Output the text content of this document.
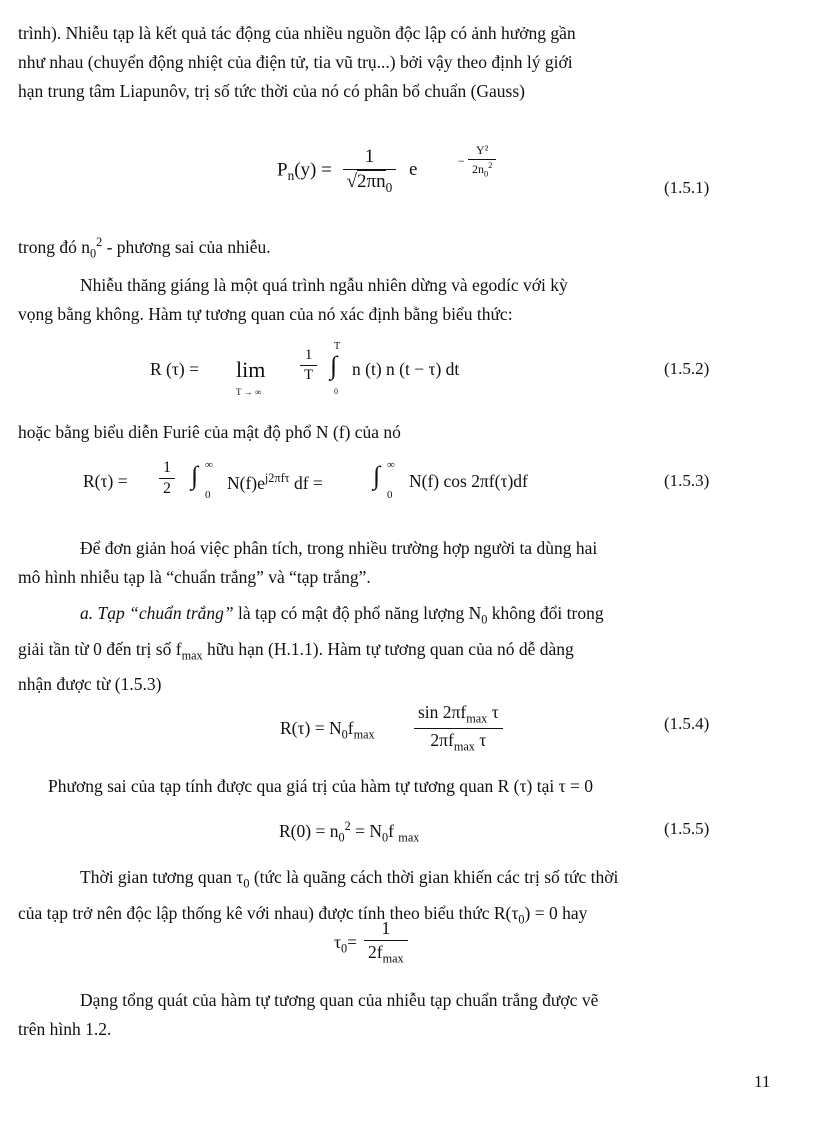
trình). Nhiễu tạp là kết quả tác động của nhiều nguồn độc lập có ảnh hưởng gần
như nhau (chuyển động nhiệt của điện tử, tia vũ trụ...) bởi vậy theo định lý giới
hạn trung tâm Liapunôv, trị số tức thời của nó có phân bổ chuẩn (Gauss)
$P_n(y) = \frac{1}{√2\pi n_0}$ e	− $\frac{\text{Y²}}{2n_0^2}$
(1.5.1)
trong đó $n_0^2$ - phương sai của nhiễu.
Nhiễu thăng giáng là một quá trình ngẫu nhiên dừng và egodíc với kỳ
vọng bằng không. Hàm tự tương quan của nó xác định bằng biểu thức:
R (τ) = lim
T → ∞
$\frac{1}{T}$
T
∫
0
n (t) n (t − τ) dt	(1.5.2)
hoặc bằng biểu diễn Furiê của mật độ phổ N (f) của nó
$R(\tau) = \frac{1}{2}$ ∫ ∞
0
$N(f)e^{j2\pi f\tau}$ df = ∫ ∞
0
N(f) cos 2πf(τ)df	(1.5.3)
Để đơn giản hoá việc phân tích, trong nhiều trường hợp người ta dùng hai
mô hình nhiễu tạp là “chuẩn trắng” và “tạp trắng”.
a. Tạp “chuẩn trắng” là tạp có mật độ phổ năng lượng $N_0$ không đổi trong
giải tần từ 0 đến trị số $f_{max}$ hữu hạn (H.1.1). Hàm tự tương quan của nó dễ dàng
nhận được từ (1.5.3)
$R(\tau) = N_0f_{max}$
$\sin 2\pi f_{max}$ τ
$2\pi f_{max}$ τ
(1.5.4)
Phương sai của tạp tính được qua giá trị của hàm tự tương quan R (τ) tại τ = 0
$R(0) = n_0^2 = N_0f$ $_{max}$	(1.5.5)
Thời gian tương quan $\tau_0$ (tức là quãng cách thời gian khiến các trị số tức thời
của tạp trở nên độc lập thống kê với nhau) được tính theo biểu thức $R(\tau_0) = 0$ hay
$\tau_0=$
1
$2f_{max}$
Dạng tổng quát của hàm tự tương quan của nhiễu tạp chuẩn trắng được vẽ
trên hình 1.2.
11
